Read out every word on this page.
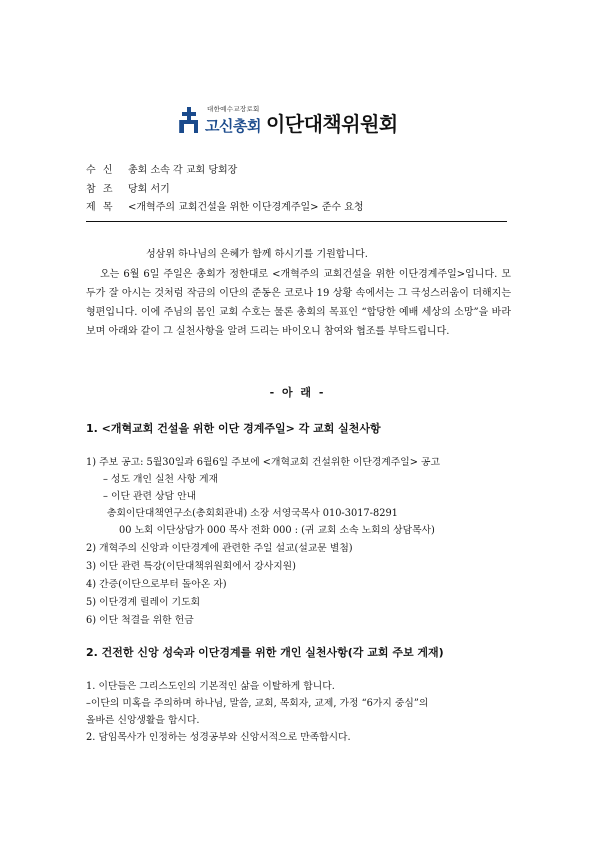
대한예수교장로회
고신총회 이단대책위원회
수 신 총회 소속 각 교회 당회장
참 조 당회 서기
제 목 <개혁주의 교회건설을 위한 이단경계주일> 준수 요청
성삼위 하나님의 은혜가 함께 하시기를 기원합니다.

오는 6월 6일 주일은 총회가 정한대로 <개혁주의 교회건설을 위한 이단경계주일>입니다. 모두가 잘 아시는 것처럼 작금의 이단의 준동은 코로나 19 상황 속에서는 그 극성스러움이 더해지는 형편입니다. 이에 주님의 몸인 교회 수호는 물론 총회의 목표인 “합당한 예배 세상의 소망”을 바라보며 아래와 같이 그 실천사항을 알려 드리는 바이오니 참여와 협조를 부탁드립니다.

- 아 래 -
1. <개혁교회 건설을 위한 이단 경계주일> 각 교회 실천사항
1) 주보 공고: 5월30일과 6월6일 주보에 <개혁교회 건설위한 이단경계주일> 공고
– 성도 개인 실천 사항 게재
– 이단 관련 상담 안내
총회이단대책연구소(총회회관내) 소장 서영국목사 010-3017-8291
00 노회 이단상담가 000 목사 전화 000 : (귀 교회 소속 노회의 상담목사)
2) 개혁주의 신앙과 이단경계에 관련한 주일 설교(설교문 별첨)
3) 이단 관련 특강(이단대책위원회에서 강사지원)
4) 간증(이단으로부터 돌아온 자)
5) 이단경계 릴레이 기도회
6) 이단 척결을 위한 헌금
2. 건전한 신앙 성숙과 이단경계를 위한 개인 실천사항(각 교회 주보 게재)
1. 이단들은 그리스도인의 기본적인 삶을 이탈하게 합니다.
–이단의 미혹을 주의하며 하나님, 말씀, 교회, 목회자, 교제, 가정 “6가지 중심”의
올바른 신앙생활을 합시다.
2. 담임목사가 인정하는 성경공부와 신앙서적으로 만족합시다.
